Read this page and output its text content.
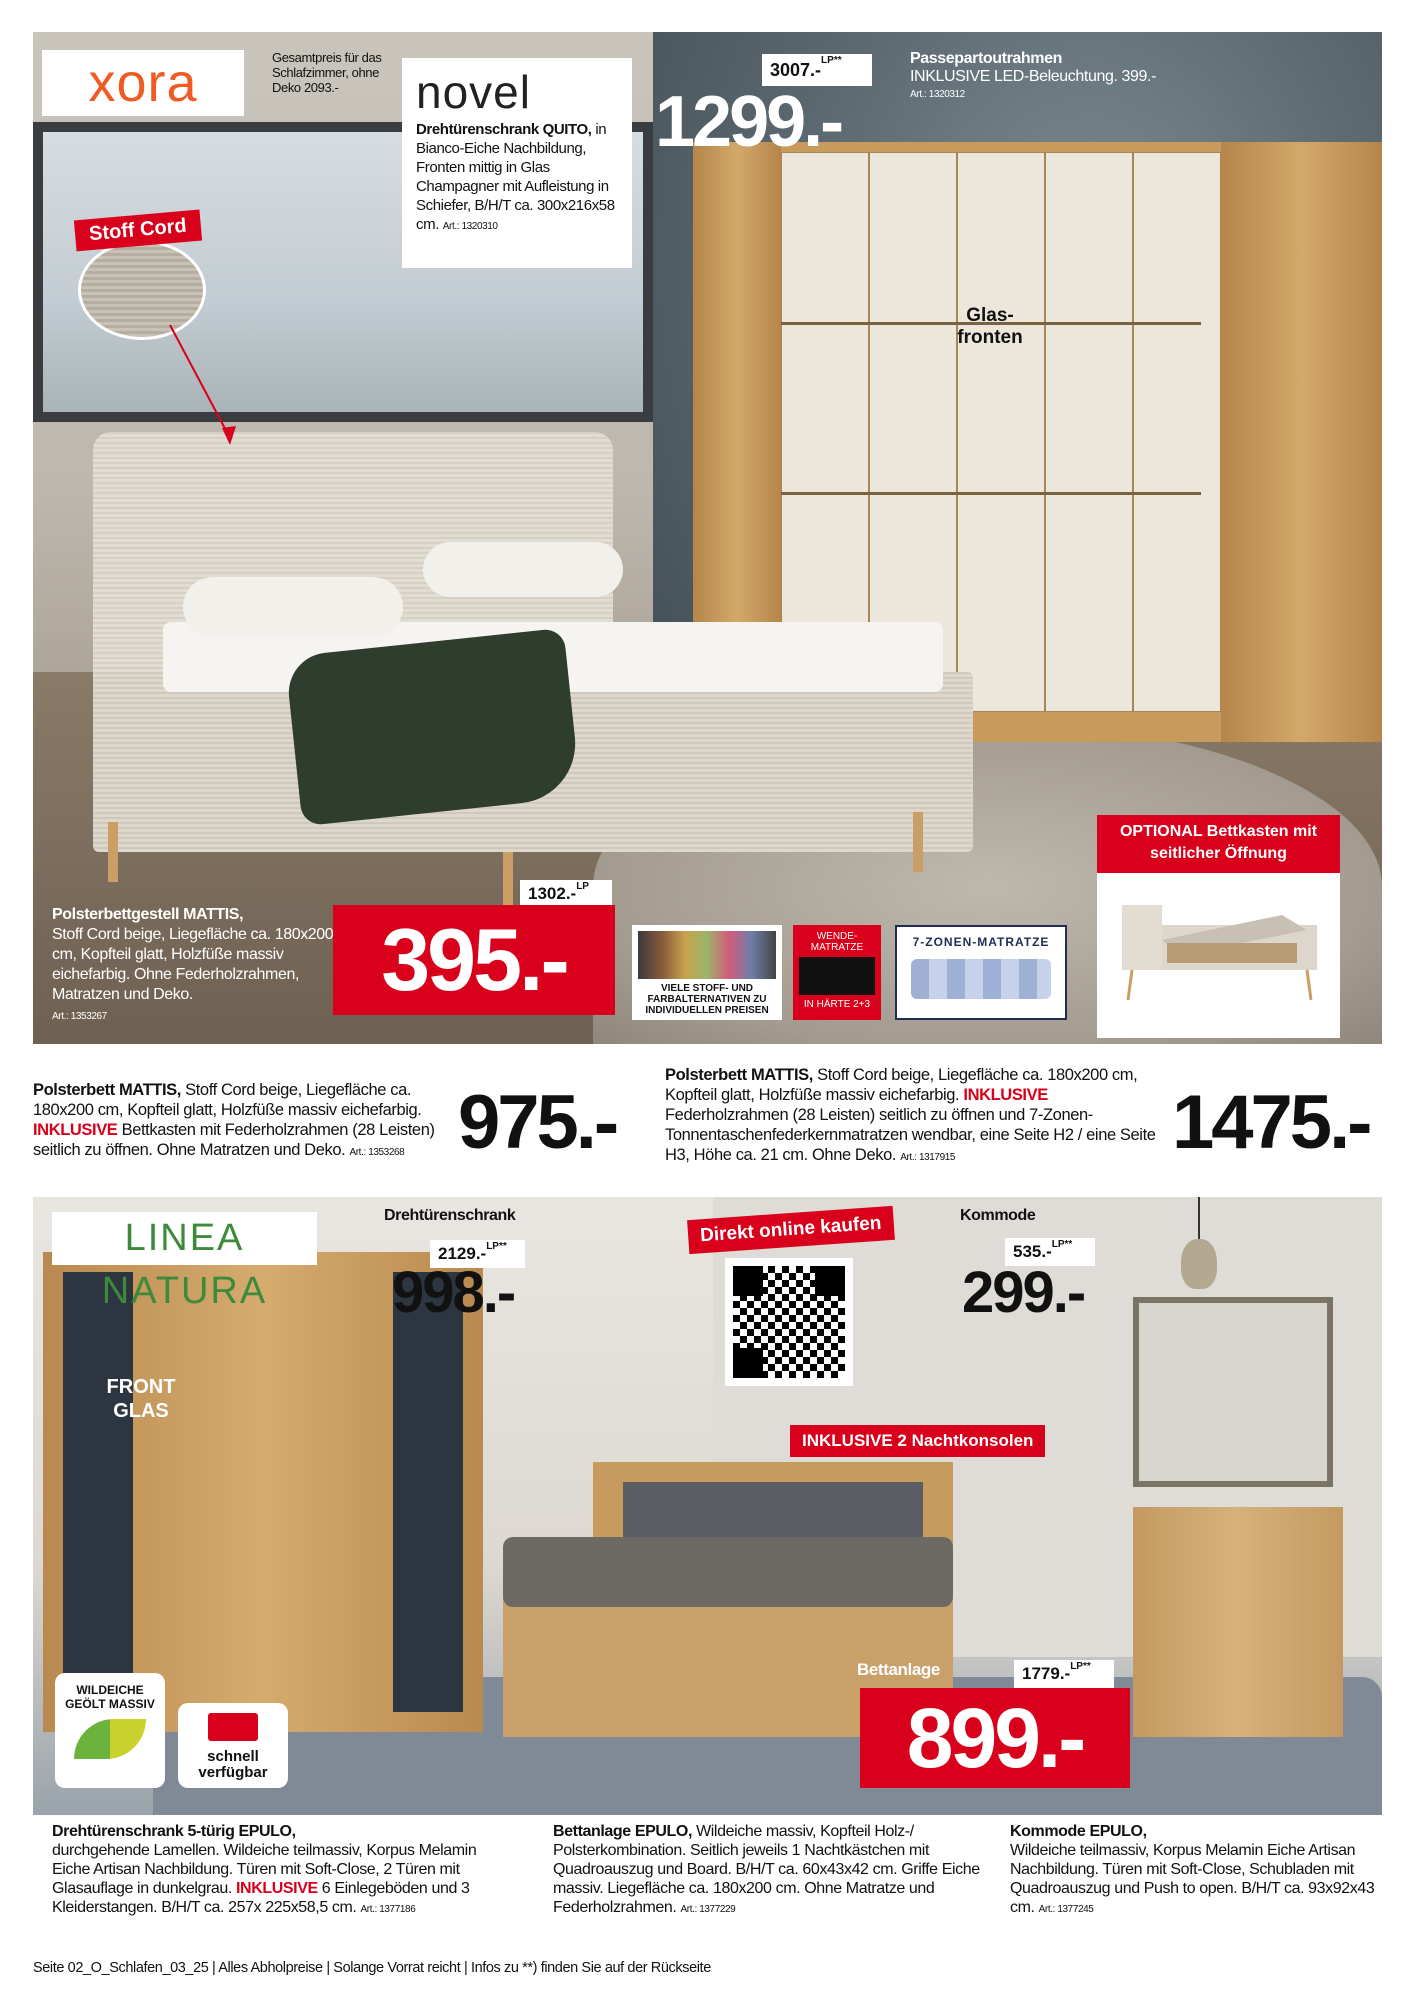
xora	Gesamtpreis für das Schlafzimmer, ohne Deko 2093.-	novel

Drehtürenschrank QUITO, in Bianco-Eiche Nachbildung, Fronten mittig in Glas Champagner mit Aufleistung in Schiefer, B/H/T ca. 300x216x58 cm. Art.: 1320310

3007.-$^{LP**}$
1299.-
Passepartoutrahmen
INKLUSIVE LED-Beleuchtung. 399.-
Art.: 1320312
Glas-fronten
Stoff Cord
OPTIONAL Bettkasten mit seitlicher Öffnung
Polsterbettgestell MATTIS,
Stoff Cord beige, Liegefläche ca. 180x200 cm, Kopfteil glatt, Holzfüße massiv eichefarbig. Ohne Federholzrahmen, Matratzen und Deko.
Art.: 1353267
1302.-$^{LP}$
395.-	VIELE STOFF- UND FARBALTERNATIVEN ZU INDIVIDUELLEN PREISEN
WENDE-MATRATZE
IN HÄRTE 2+3
7-ZONEN-MATRATZE
Polsterbett MATTIS, Stoff Cord beige, Liegefläche ca. 180x200 cm, Kopfteil glatt, Holzfüße massiv eichefarbig. INKLUSIVE Bettkasten mit Federholzrahmen (28 Leisten) seitlich zu öffnen. Ohne Matratzen und Deko. Art.: 1353268 975.-
Polsterbett MATTIS, Stoff Cord beige, Liegefläche ca. 180x200 cm, Kopfteil glatt, Holzfüße massiv eichefarbig. INKLUSIVE Federholzrahmen (28 Leisten) seitlich zu öffnen und 7-Zonen-Tonnentaschenfederkernmatratzen wendbar, eine Seite H2 / eine Seite H3, Höhe ca. 21 cm. Ohne Deko. Art.: 1317915	1475.-
LINEA NATURA
FRONT GLAS
Drehtürenschrank
2129.-$^{LP**}$
998.-
Direkt online kaufen	Kommode
535.-$^{LP**}$
299.-
INKLUSIVE 2 Nachtkonsolen
WILDEICHE GEÖLT MASSIV
schnell verfügbar
Bettanlage	1779.-$^{LP**}$
899.-
Drehtürenschrank 5-türig EPULO,
durchgehende Lamellen. Wildeiche teilmassiv, Korpus Melamin Eiche Artisan Nachbildung. Türen mit Soft-Close, 2 Türen mit Glasauflage in dunkelgrau. INKLUSIVE 6 Einlegeböden und 3 Kleiderstangen. B/H/T ca. 257x 225x58,5 cm. Art.: 1377186
Bettanlage EPULO, Wildeiche massiv, Kopfteil Holz-/ Polsterkombination. Seitlich jeweils 1 Nachtkästchen mit Quadroauszug und Board. B/H/T ca. 60x43x42 cm. Griffe Eiche massiv. Liegefläche ca. 180x200 cm. Ohne Matratze und Federholzrahmen. Art.: 1377229
Kommode EPULO,
Wildeiche teilmassiv, Korpus Melamin Eiche Artisan Nachbildung. Türen mit Soft-Close, Schubladen mit Quadroauszug und Push to open. B/H/T ca. 93x92x43 cm. Art.: 1377245
Seite 02_O_Schlafen_03_25 | Alles Abholpreise | Solange Vorrat reicht | Infos zu **) finden Sie auf der Rückseite
